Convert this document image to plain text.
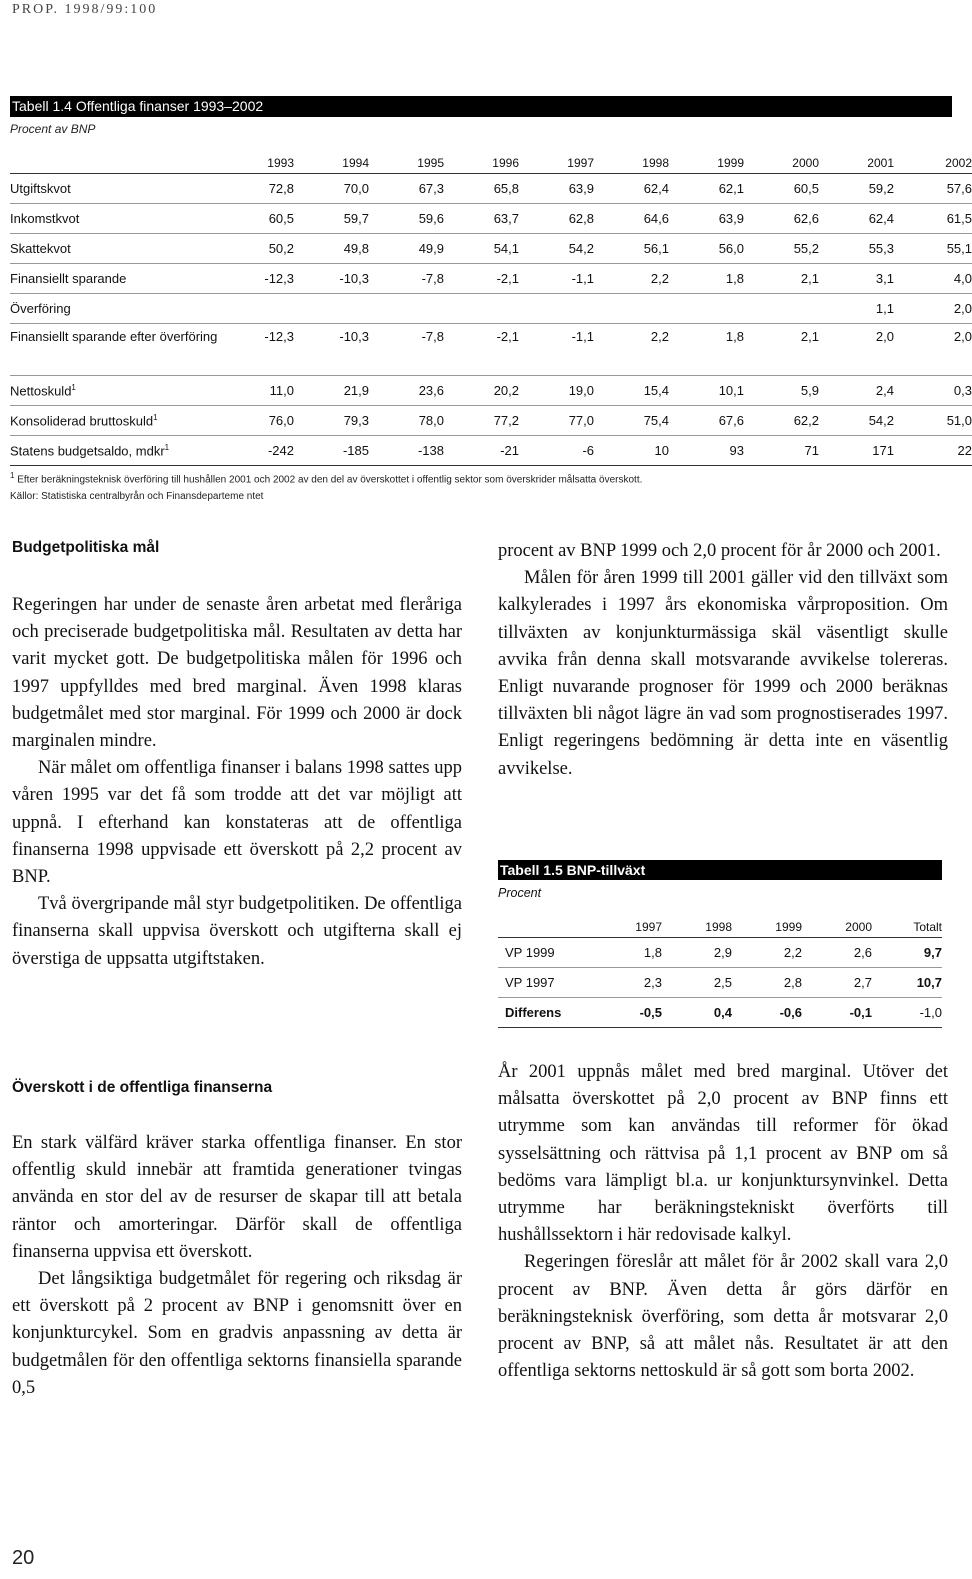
PROP. 1998/99:100
Tabell 1.4 Offentliga finanser 1993–2002
Procent av BNP
	1993	1994	1995	1996	1997	1998	1999	2000	2001	2002
Utgiftskvot	72,8	70,0	67,3	65,8	63,9	62,4	62,1	60,5	59,2	57,6
Inkomstkvot	60,5	59,7	59,6	63,7	62,8	64,6	63,9	62,6	62,4	61,5
Skattekvot	50,2	49,8	49,9	54,1	54,2	56,1	56,0	55,2	55,3	55,1
Finansiellt sparande	-12,3	-10,3	-7,8	-2,1	-1,1	2,2	1,8	2,1	3,1	4,0
Överföring									1,1	2,0
Finansiellt sparande efter överföring	-12,3	-10,3	-7,8	-2,1	-1,1	2,2	1,8	2,1	2,0	2,0
Nettoskuld$^1$	11,0	21,9	23,6	20,2	19,0	15,4	10,1	5,9	2,4	0,3
Konsoliderad bruttoskuld$^1$	76,0	79,3	78,0	77,2	77,0	75,4	67,6	62,2	54,2	51,0
Statens budgetsaldo, mdkr$^1$	-242	-185	-138	-21	-6	10	93	71	171	22
$^1$ Efter beräkningsteknisk överföring till hushållen 2001 och 2002 av den del av överskottet i offentlig sektor som överskrider målsatta överskott.
Källor: Statistiska centralbyrån och Finansdeparteme ntet
Budgetpolitiska mål

Regeringen har under de senaste åren arbetat med fleråriga och preciserade budgetpolitiska mål. Resultaten av detta har varit mycket gott. De budgetpolitiska målen för 1996 och 1997 uppfylldes med bred marginal. Även 1998 klaras budgetmålet med stor marginal. För 1999 och 2000 är dock marginalen mindre.

När målet om offentliga finanser i balans 1998 sattes upp våren 1995 var det få som trodde att det var möjligt att uppnå. I efterhand kan konstateras att de offentliga finanserna 1998 uppvisade ett överskott på 2,2 procent av BNP.

Två övergripande mål styr budgetpolitiken. De offentliga finanserna skall uppvisa överskott och utgifterna skall ej överstiga de uppsatta utgiftstaken.

Överskott i de offentliga finanserna

En stark välfärd kräver starka offentliga finanser. En stor offentlig skuld innebär att framtida generationer tvingas använda en stor del av de resurser de skapar till att betala räntor och amorteringar. Därför skall de offentliga finanserna uppvisa ett överskott.

Det långsiktiga budgetmålet för regering och riksdag är ett överskott på 2 procent av BNP i genomsnitt över en konjunkturcykel. Som en gradvis anpassning av detta är budgetmålen för den offentliga sektorns finansiella sparande 0,5

procent av BNP 1999 och 2,0 procent för år 2000 och 2001.

Målen för åren 1999 till 2001 gäller vid den tillväxt som kalkylerades i 1997 års ekonomiska vårproposition. Om tillväxten av konjunkturmässiga skäl väsentligt skulle avvika från denna skall motsvarande avvikelse tolereras. Enligt nuvarande prognoser för 1999 och 2000 beräknas tillväxten bli något lägre än vad som prognostiserades 1997. Enligt regeringens bedömning är detta inte en väsentlig avvikelse.

Tabell 1.5 BNP-tillväxt
Procent
	1997	1998	1999	2000	Totalt
VP 1999	1,8	2,9	2,2	2,6	9,7
VP 1997	2,3	2,5	2,8	2,7	10,7
Differens	-0,5	0,4	-0,6	-0,1	-1,0

År 2001 uppnås målet med bred marginal. Utöver det målsatta överskottet på 2,0 procent av BNP finns ett utrymme som kan användas till reformer för ökad sysselsättning och rättvisa på 1,1 procent av BNP om så bedöms vara lämpligt bl.a. ur konjunktursynvinkel. Detta utrymme har beräkningstekniskt överförts till hushållssektorn i här redovisade kalkyl.

Regeringen föreslår att målet för år 2002 skall vara 2,0 procent av BNP. Även detta år görs därför en beräkningsteknisk överföring, som detta år motsvarar 2,0 procent av BNP, så att målet nås. Resultatet är att den offentliga sektorns nettoskuld är så gott som borta 2002.

20
